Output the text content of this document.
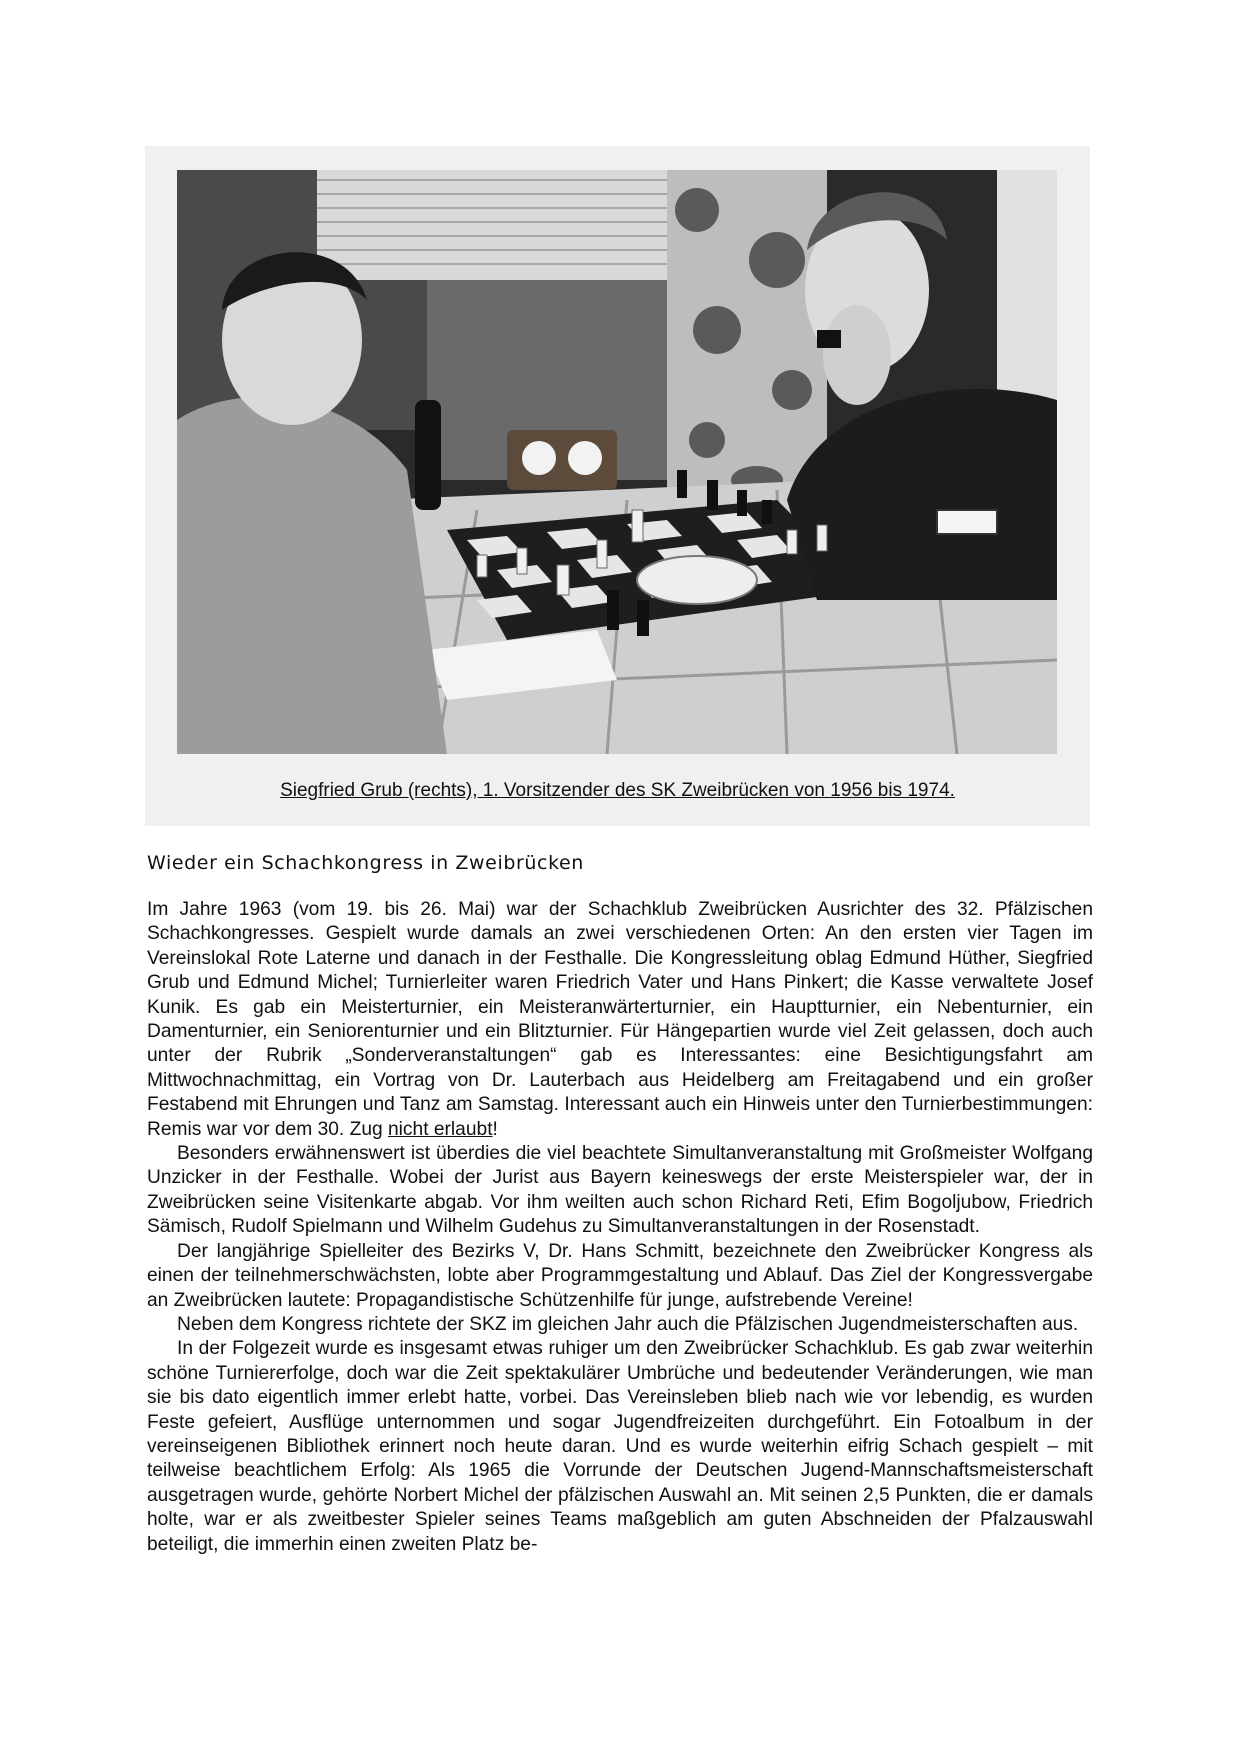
Siegfried Grub (rechts), 1. Vorsitzender des SK Zweibrücken von 1956 bis 1974.
Wieder ein Schachkongress in Zweibrücken

Im Jahre 1963 (vom 19. bis 26. Mai) war der Schachklub Zweibrücken Ausrichter des 32. Pfälzischen Schachkongresses. Gespielt wurde damals an zwei verschiedenen Orten: An den ersten vier Tagen im Vereinslokal Rote Laterne und danach in der Festhalle. Die Kongressleitung oblag Edmund Hüther, Siegfried Grub und Edmund Michel; Turnierleiter waren Friedrich Vater und Hans Pinkert; die Kasse verwaltete Josef Kunik. Es gab ein Meisterturnier, ein Meisteranwärterturnier, ein Hauptturnier, ein Nebenturnier, ein Damenturnier, ein Seniorenturnier und ein Blitzturnier. Für Hängepartien wurde viel Zeit gelassen, doch auch unter der Rubrik „Sonderveranstaltungen“ gab es Interessantes: eine Besichtigungsfahrt am Mittwochnachmittag, ein Vortrag von Dr. Lauterbach aus Heidelberg am Freitagabend und ein großer Festabend mit Ehrungen und Tanz am Samstag. Interessant auch ein Hinweis unter den Turnierbestimmungen: Remis war vor dem 30. Zug nicht erlaubt!

Besonders erwähnenswert ist überdies die viel beachtete Simultanveranstaltung mit Großmeister Wolfgang Unzicker in der Festhalle. Wobei der Jurist aus Bayern keineswegs der erste Meisterspieler war, der in Zweibrücken seine Visitenkarte abgab. Vor ihm weilten auch schon Richard Reti, Efim Bogoljubow, Friedrich Sämisch, Rudolf Spielmann und Wilhelm Gudehus zu Simultanveranstaltungen in der Rosenstadt.

Der langjährige Spielleiter des Bezirks V, Dr. Hans Schmitt, bezeichnete den Zweibrücker Kongress als einen der teilnehmerschwächsten, lobte aber Programmgestaltung und Ablauf. Das Ziel der Kongressvergabe an Zweibrücken lautete: Propagandistische Schützenhilfe für junge, aufstrebende Vereine!

Neben dem Kongress richtete der SKZ im gleichen Jahr auch die Pfälzischen Jugendmeisterschaften aus.

In der Folgezeit wurde es insgesamt etwas ruhiger um den Zweibrücker Schachklub. Es gab zwar weiterhin schöne Turniererfolge, doch war die Zeit spektakulärer Umbrüche und bedeutender Veränderungen, wie man sie bis dato eigentlich immer erlebt hatte, vorbei. Das Vereinsleben blieb nach wie vor lebendig, es wurden Feste gefeiert, Ausflüge unternommen und sogar Jugendfreizeiten durchgeführt. Ein Fotoalbum in der vereinseigenen Bibliothek erinnert noch heute daran. Und es wurde weiterhin eifrig Schach gespielt – mit teilweise beachtlichem Erfolg: Als 1965 die Vorrunde der Deutschen Jugend-Mannschaftsmeisterschaft ausgetragen wurde, gehörte Norbert Michel der pfälzischen Auswahl an. Mit seinen 2,5 Punkten, die er damals holte, war er als zweitbester Spieler seines Teams maßgeblich am guten Abschneiden der Pfalzauswahl beteiligt, die immerhin einen zweiten Platz be-
